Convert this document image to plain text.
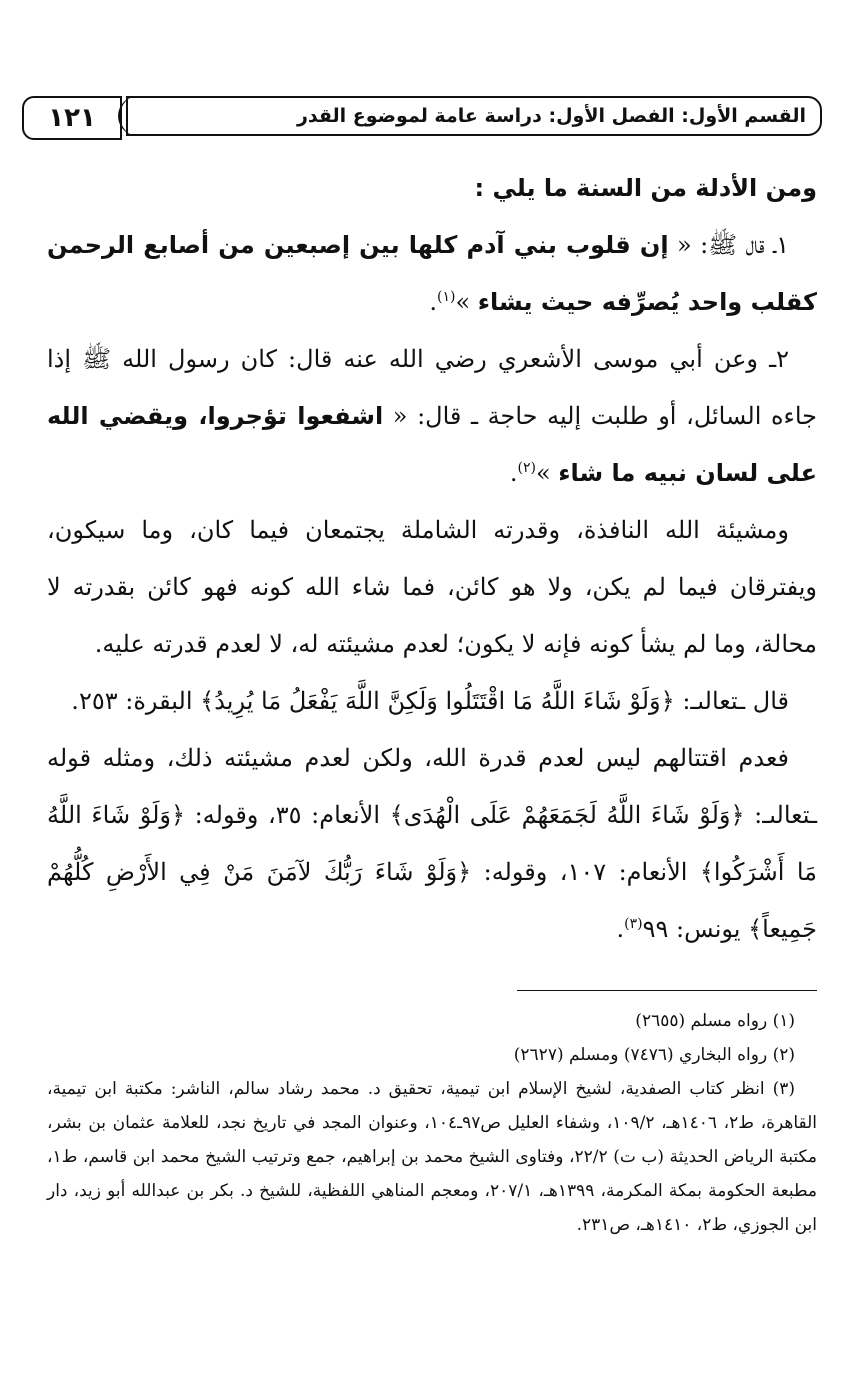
١٢١	القسم الأول: الفصل الأول: دراسة عامة لموضوع القدر

ومن الأدلة من السنة ما يلي :

١ـ قال ﷺ: « إن قلوب بني آدم كلها بين إصبعين من أصابع الرحمن كقلب واحد يُصرِّفه حيث يشاء »$^{(١)}$.

٢ـ وعن أبي موسى الأشعري رضي الله عنه قال: كان رسول الله ﷺ إذا جاءه السائل، أو طلبت إليه حاجة ـ قال: « اشفعوا تؤجروا، ويقضي الله على لسان نبيه ما شاء »$^{(٢)}$.

ومشيئة الله النافذة، وقدرته الشاملة يجتمعان فيما كان، وما سيكون، ويفترقان فيما لم يكن، ولا هو كائن، فما شاء الله كونه فهو كائن بقدرته لا محالة، وما لم يشأ كونه فإنه لا يكون؛ لعدم مشيئته له، لا لعدم قدرته عليه.

قال ـتعالىـ: ﴿وَلَوْ شَاءَ اللَّهُ مَا اقْتَتَلُوا وَلَكِنَّ اللَّهَ يَفْعَلُ مَا يُرِيدُ﴾ البقرة: ٢٥٣.

فعدم اقتتالهم ليس لعدم قدرة الله، ولكن لعدم مشيئته ذلك، ومثله قوله ـتعالىـ: ﴿وَلَوْ شَاءَ اللَّهُ لَجَمَعَهُمْ عَلَى الْهُدَى﴾ الأنعام: ٣٥، وقوله: ﴿وَلَوْ شَاءَ اللَّهُ مَا أَشْرَكُوا﴾ الأنعام: ١٠٧، وقوله: ﴿وَلَوْ شَاءَ رَبُّكَ لآمَنَ مَنْ فِي الأَرْضِ كُلُّهُمْ جَمِيعاً﴾ يونس: ٩٩$^{(٣)}$.

(١) رواه مسلم (٢٦٥٥)

(٢) رواه البخاري (٧٤٧٦) ومسلم (٢٦٢٧)

(٣) انظر كتاب الصفدية، لشيخ الإسلام ابن تيمية، تحقيق د. محمد رشاد سالم، الناشر: مكتبة ابن تيمية، القاهرة، ط٢، ١٤٠٦هـ، ١٠٩/٢، وشفاء العليل ص٩٧ـ١٠٤، وعنوان المجد في تاريخ نجد، للعلامة عثمان بن بشر، مكتبة الرياض الحديثة (ب ت) ٢٢/٢، وفتاوى الشيخ محمد بن إبراهيم، جمع وترتيب الشيخ محمد ابن قاسم، ط١، مطبعة الحكومة بمكة المكرمة، ١٣٩٩هـ، ٢٠٧/١، ومعجم المناهي اللفظية، للشيخ د. بكر بن عبدالله أبو زيد، دار ابن الجوزي، ط٢، ١٤١٠هـ، ص٢٣١.
